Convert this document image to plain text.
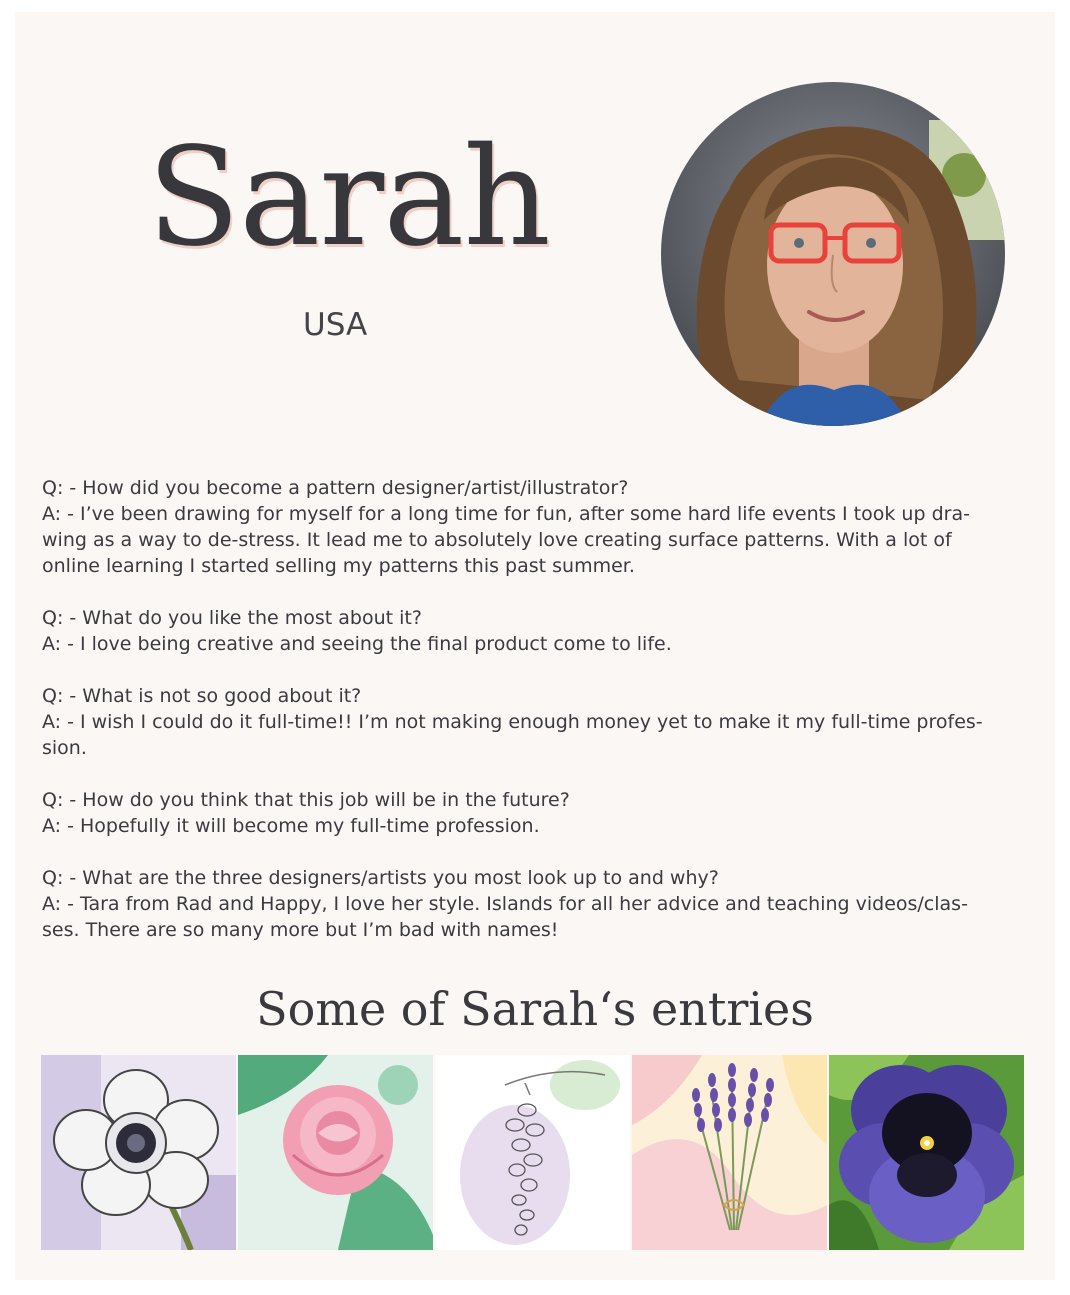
Sarah
USA
Q: - How did you become a pattern designer/artist/illustrator?
A: - I’ve been drawing for myself for a long time for fun, after some hard life events I took up dra-
wing as a way to de-stress. It lead me to absolutely love creating surface patterns. With a lot of
online learning I started selling my patterns this past summer.
Q: - What do you like the most about it?
A: - I love being creative and seeing the final product come to life.
Q: - What is not so good about it?
A: - I wish I could do it full-time!! I’m not making enough money yet to make it my full-time profes-
sion.
Q: - How do you think that this job will be in the future?
A: - Hopefully it will become my full-time profession.
Q: - What are the three designers/artists you most look up to and why?
A: - Tara from Rad and Happy, I love her style. Islands for all her advice and teaching videos/clas-
ses. There are so many more but I’m bad with names!
Some of Sarah‘s entries
